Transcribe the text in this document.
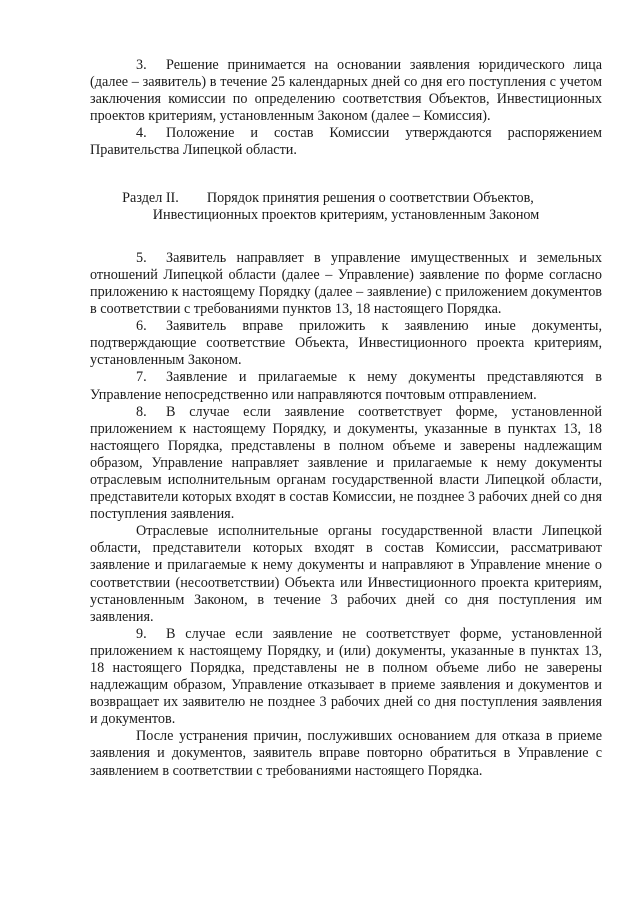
3. Решение принимается на основании заявления юридического лица (далее – заявитель) в течение 25 календарных дней со дня его поступления с учетом заключения комиссии по определению соответствия Объектов, Инвестиционных проектов критериям, установленным Законом (далее – Комиссия).

4. Положение и состав Комиссии утверждаются распоряжением Правительства Липецкой области.

Раздел II. Порядок принятия решения о соответствии Объектов,
Инвестиционных проектов критериям, установленным Законом

5. Заявитель направляет в управление имущественных и земельных отношений Липецкой области (далее – Управление) заявление по форме согласно приложению к настоящему Порядку (далее – заявление) с приложением документов в соответствии с требованиями пунктов 13, 18 настоящего Порядка.

6. Заявитель вправе приложить к заявлению иные документы, подтверждающие соответствие Объекта, Инвестиционного проекта критериям, установленным Законом.

7. Заявление и прилагаемые к нему документы представляются в Управление непосредственно или направляются почтовым отправлением.

8. В случае если заявление соответствует форме, установленной приложением к настоящему Порядку, и документы, указанные в пунктах 13, 18 настоящего Порядка, представлены в полном объеме и заверены надлежащим образом, Управление направляет заявление и прилагаемые к нему документы отраслевым исполнительным органам государственной власти Липецкой области, представители которых входят в состав Комиссии, не позднее 3 рабочих дней со дня поступления заявления.

Отраслевые исполнительные органы государственной власти Липецкой области, представители которых входят в состав Комиссии, рассматривают заявление и прилагаемые к нему документы и направляют в Управление мнение о соответствии (несоответствии) Объекта или Инвестиционного проекта критериям, установленным Законом, в течение 3 рабочих дней со дня поступления им заявления.

9. В случае если заявление не соответствует форме, установленной приложением к настоящему Порядку, и (или) документы, указанные в пунктах 13, 18 настоящего Порядка, представлены не в полном объеме либо не заверены надлежащим образом, Управление отказывает в приеме заявления и документов и возвращает их заявителю не позднее 3 рабочих дней со дня поступления заявления и документов.

После устранения причин, послуживших основанием для отказа в приеме заявления и документов, заявитель вправе повторно обратиться в Управление с заявлением в соответствии с требованиями настоящего Порядка.
